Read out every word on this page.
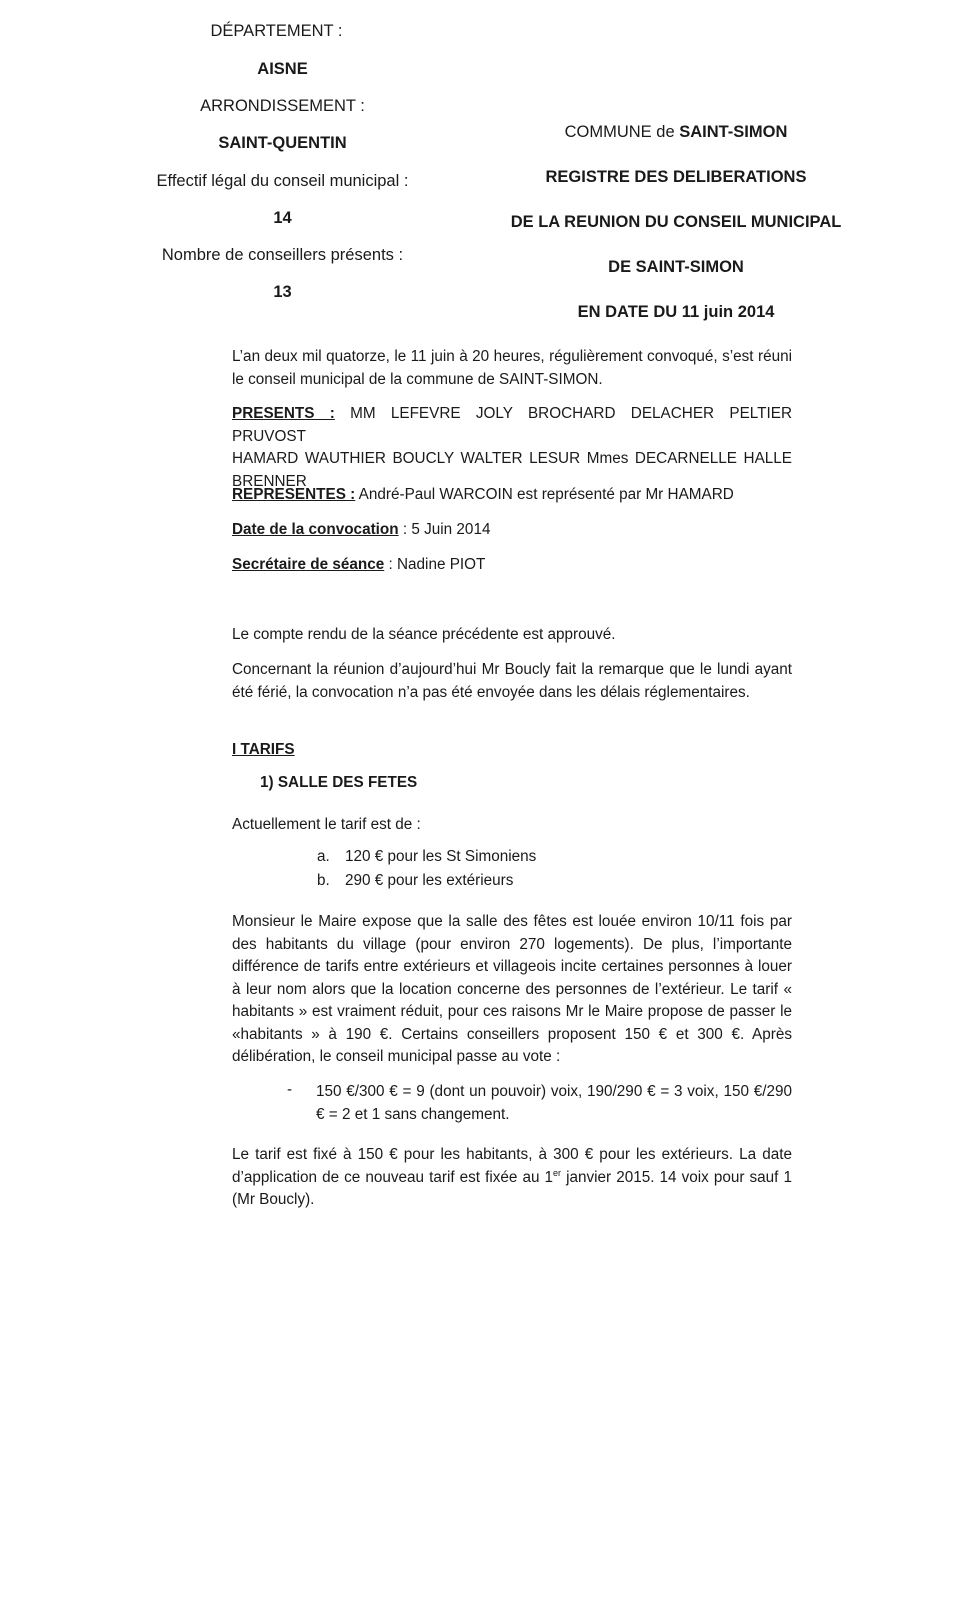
DÉPARTEMENT :
AISNE
ARRONDISSEMENT :
SAINT-QUENTIN
Effectif légal du conseil municipal :
14
Nombre de conseillers présents :
13
COMMUNE de SAINT-SIMON
REGISTRE DES DELIBERATIONS
DE LA REUNION DU CONSEIL MUNICIPAL
DE SAINT-SIMON
EN DATE DU 11 juin 2014
L’an deux mil quatorze, le 11 juin à 20 heures, régulièrement convoqué, s’est réuni le conseil municipal de la commune de SAINT-SIMON.
PRESENTS : MM LEFEVRE JOLY BROCHARD DELACHER PELTIER PRUVOST
HAMARD WAUTHIER BOUCLY WALTER LESUR Mmes DECARNELLE HALLE
BRENNER
REPRESENTES : André-Paul WARCOIN est représenté par Mr HAMARD
Date de la convocation : 5 Juin 2014
Secrétaire de séance : Nadine PIOT
Le compte rendu de la séance précédente est approuvé.
Concernant la réunion d’aujourd’hui Mr Boucly fait la remarque que le lundi ayant été férié, la convocation n’a pas été envoyée dans les délais réglementaires.
I TARIFS
1) SALLE DES FETES
Actuellement le tarif est de :
a. 120 € pour les St Simoniens
b. 290 € pour les extérieurs
Monsieur le Maire expose que la salle des fêtes est louée environ 10/11 fois par des habitants du village (pour environ 270 logements). De plus, l’importante différence de tarifs entre extérieurs et villageois incite certaines personnes à louer à leur nom alors que la location concerne des personnes de l’extérieur. Le tarif « habitants » est vraiment réduit, pour ces raisons Mr le Maire propose de passer le «habitants » à 190 €. Certains conseillers proposent 150 € et 300 €. Après délibération, le conseil municipal passe au vote :
- 150 €/300 € = 9 (dont un pouvoir) voix, 190/290 € = 3 voix, 150 €/290 € = 2 et 1 sans changement.
Le tarif est fixé à 150 € pour les habitants, à 300 € pour les extérieurs. La date d’application de ce nouveau tarif est fixée au 1er janvier 2015. 14 voix pour sauf 1 (Mr Boucly).
